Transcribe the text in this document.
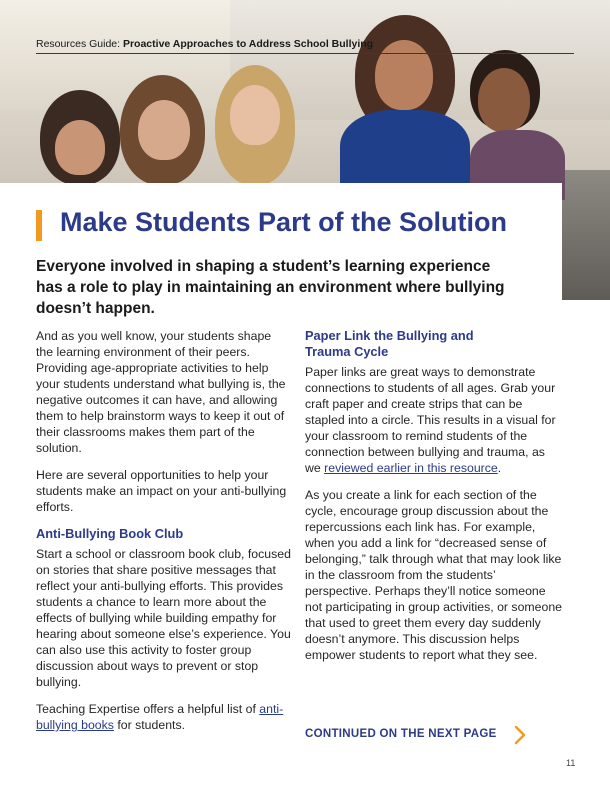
Resources Guide: Proactive Approaches to Address School Bullying
Make Students Part of the Solution

Everyone involved in shaping a student’s learning experience has a role to play in maintaining an environment where bullying doesn’t happen.

And as you well know, your students shape the learning environment of their peers. Providing age-appropriate activities to help your students understand what bullying is, the negative outcomes it can have, and allowing them to help brainstorm ways to keep it out of their classrooms makes them part of the solution.

Here are several opportunities to help your students make an impact on your anti-bullying efforts.

Anti-Bullying Book Club

Start a school or classroom book club, focused on stories that share positive messages that reflect your anti-bullying efforts. This provides students a chance to learn more about the effects of bullying while building empathy for hearing about someone else’s experience. You can also use this activity to foster group discussion about ways to prevent or stop bullying.

Teaching Expertise offers a helpful list of anti-bullying books for students.

Paper Link the Bullying and Trauma Cycle

Paper links are great ways to demonstrate connections to students of all ages. Grab your craft paper and create strips that can be stapled into a circle. This results in a visual for your classroom to remind students of the connection between bullying and trauma, as we reviewed earlier in this resource.

As you create a link for each section of the cycle, encourage group discussion about the repercussions each link has. For example, when you add a link for “decreased sense of belonging,” talk through what that may look like in the classroom from the students’ perspective. Perhaps they’ll notice someone not participating in group activities, or someone that used to greet them every day suddenly doesn’t anymore. This discussion helps empower students to report what they see.

CONTINUED ON THE NEXT PAGE
11
